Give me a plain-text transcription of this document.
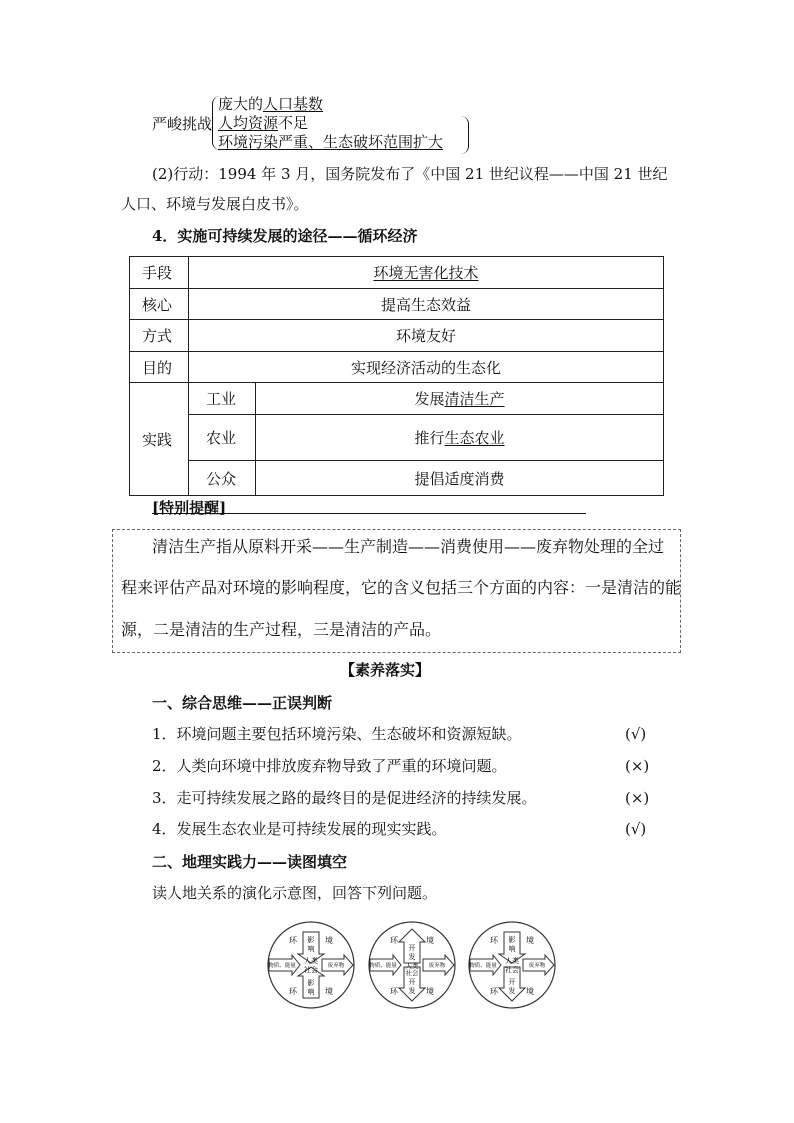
严峻挑战
庞大的人口基数
人均资源不足
环境污染严重、生态破坏范围扩大
(2)行动：1994 年 3 月，国务院发布了《中国 21 世纪议程——中国 21 世纪
人口、环境与发展白皮书》。
4．实施可持续发展的途径——循环经济
手段	环境无害化技术	
核心	提高生态效益	
方式	环境友好	
目的	实现经济活动的生态化	
实践	工业	发展清洁生产
	农业	推行生态农业
	公众	提倡适度消费
[特别提醒]
清洁生产指从原料开采——生产制造——消费使用——废弃物处理的全过
程来评估产品对环境的影响程度，它的含义包括三个方面的内容：一是清洁的能
源，二是清洁的生产过程，三是清洁的产品。
【素养落实】
一、综合思维——正误判断
1．环境问题主要包括环境污染、生态破坏和资源短缺。	(√)
2．人类向环境中排放废弃物导致了严重的环境问题。	(×)
3．走可持续发展之路的最终目的是促进经济的持续发展。	(×)
4．发展生态农业是可持续发展的现实实践。	(√)
二、地理实践力——读图填空
读人地关系的演化示意图，回答下列问题。
环	境
影
响
人类
社会
物质、能量	废弃物
影
响
环	境
环	境
开
发
人类
社会
物质、能量	废弃物
开
发
环	境
环	境
影
响
人类
社会
物质、能量	废弃物
开
发
环	境
